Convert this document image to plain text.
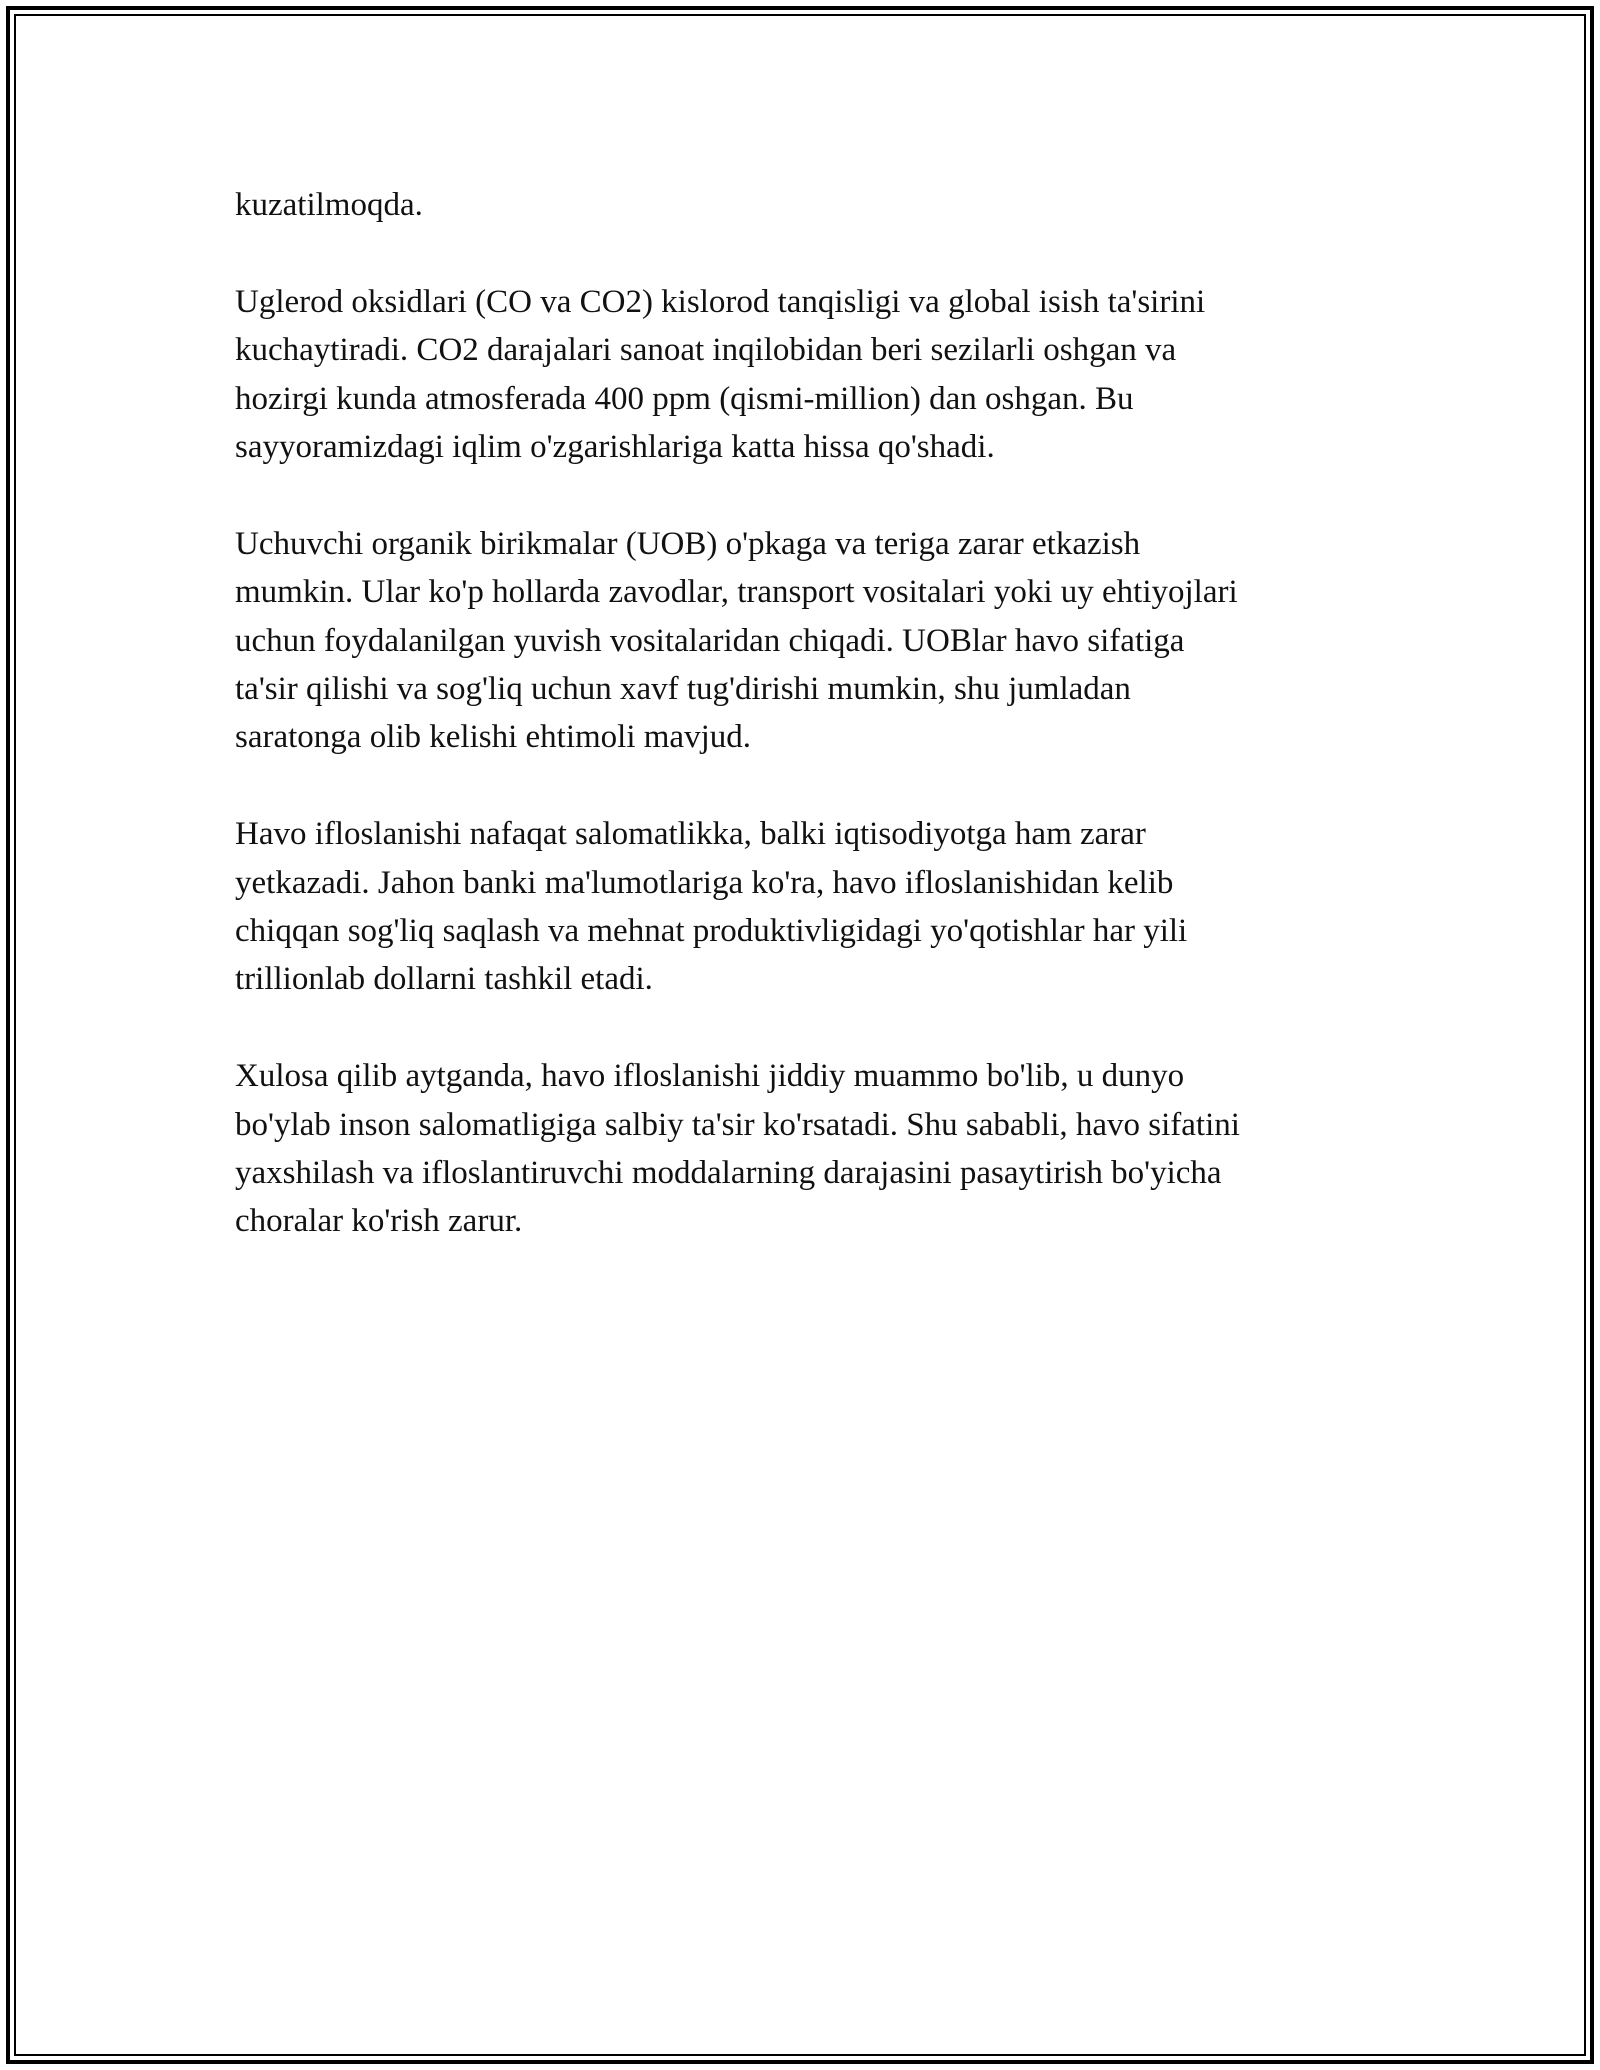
kuzatilmoqda.

Uglerod oksidlari (CO va CO2) kislorod tanqisligi va global isish ta'sirini
kuchaytiradi. CO2 darajalari sanoat inqilobidan beri sezilarli oshgan va
hozirgi kunda atmosferada 400 ppm (qismi-million) dan oshgan. Bu
sayyoramizdagi iqlim o'zgarishlariga katta hissa qo'shadi.

Uchuvchi organik birikmalar (UOB) o'pkaga va teriga zarar etkazish
mumkin. Ular ko'p hollarda zavodlar, transport vositalari yoki uy ehtiyojlari
uchun foydalanilgan yuvish vositalaridan chiqadi. UOBlar havo sifatiga
ta'sir qilishi va sog'liq uchun xavf tug'dirishi mumkin, shu jumladan
saratonga olib kelishi ehtimoli mavjud.

Havo ifloslanishi nafaqat salomatlikka, balki iqtisodiyotga ham zarar
yetkazadi. Jahon banki ma'lumotlariga ko'ra, havo ifloslanishidan kelib
chiqqan sog'liq saqlash va mehnat produktivligidagi yo'qotishlar har yili
trillionlab dollarni tashkil etadi.

Xulosa qilib aytganda, havo ifloslanishi jiddiy muammo bo'lib, u dunyo
bo'ylab inson salomatligiga salbiy ta'sir ko'rsatadi. Shu sababli, havo sifatini
yaxshilash va ifloslantiruvchi moddalarning darajasini pasaytirish bo'yicha
choralar ko'rish zarur.
